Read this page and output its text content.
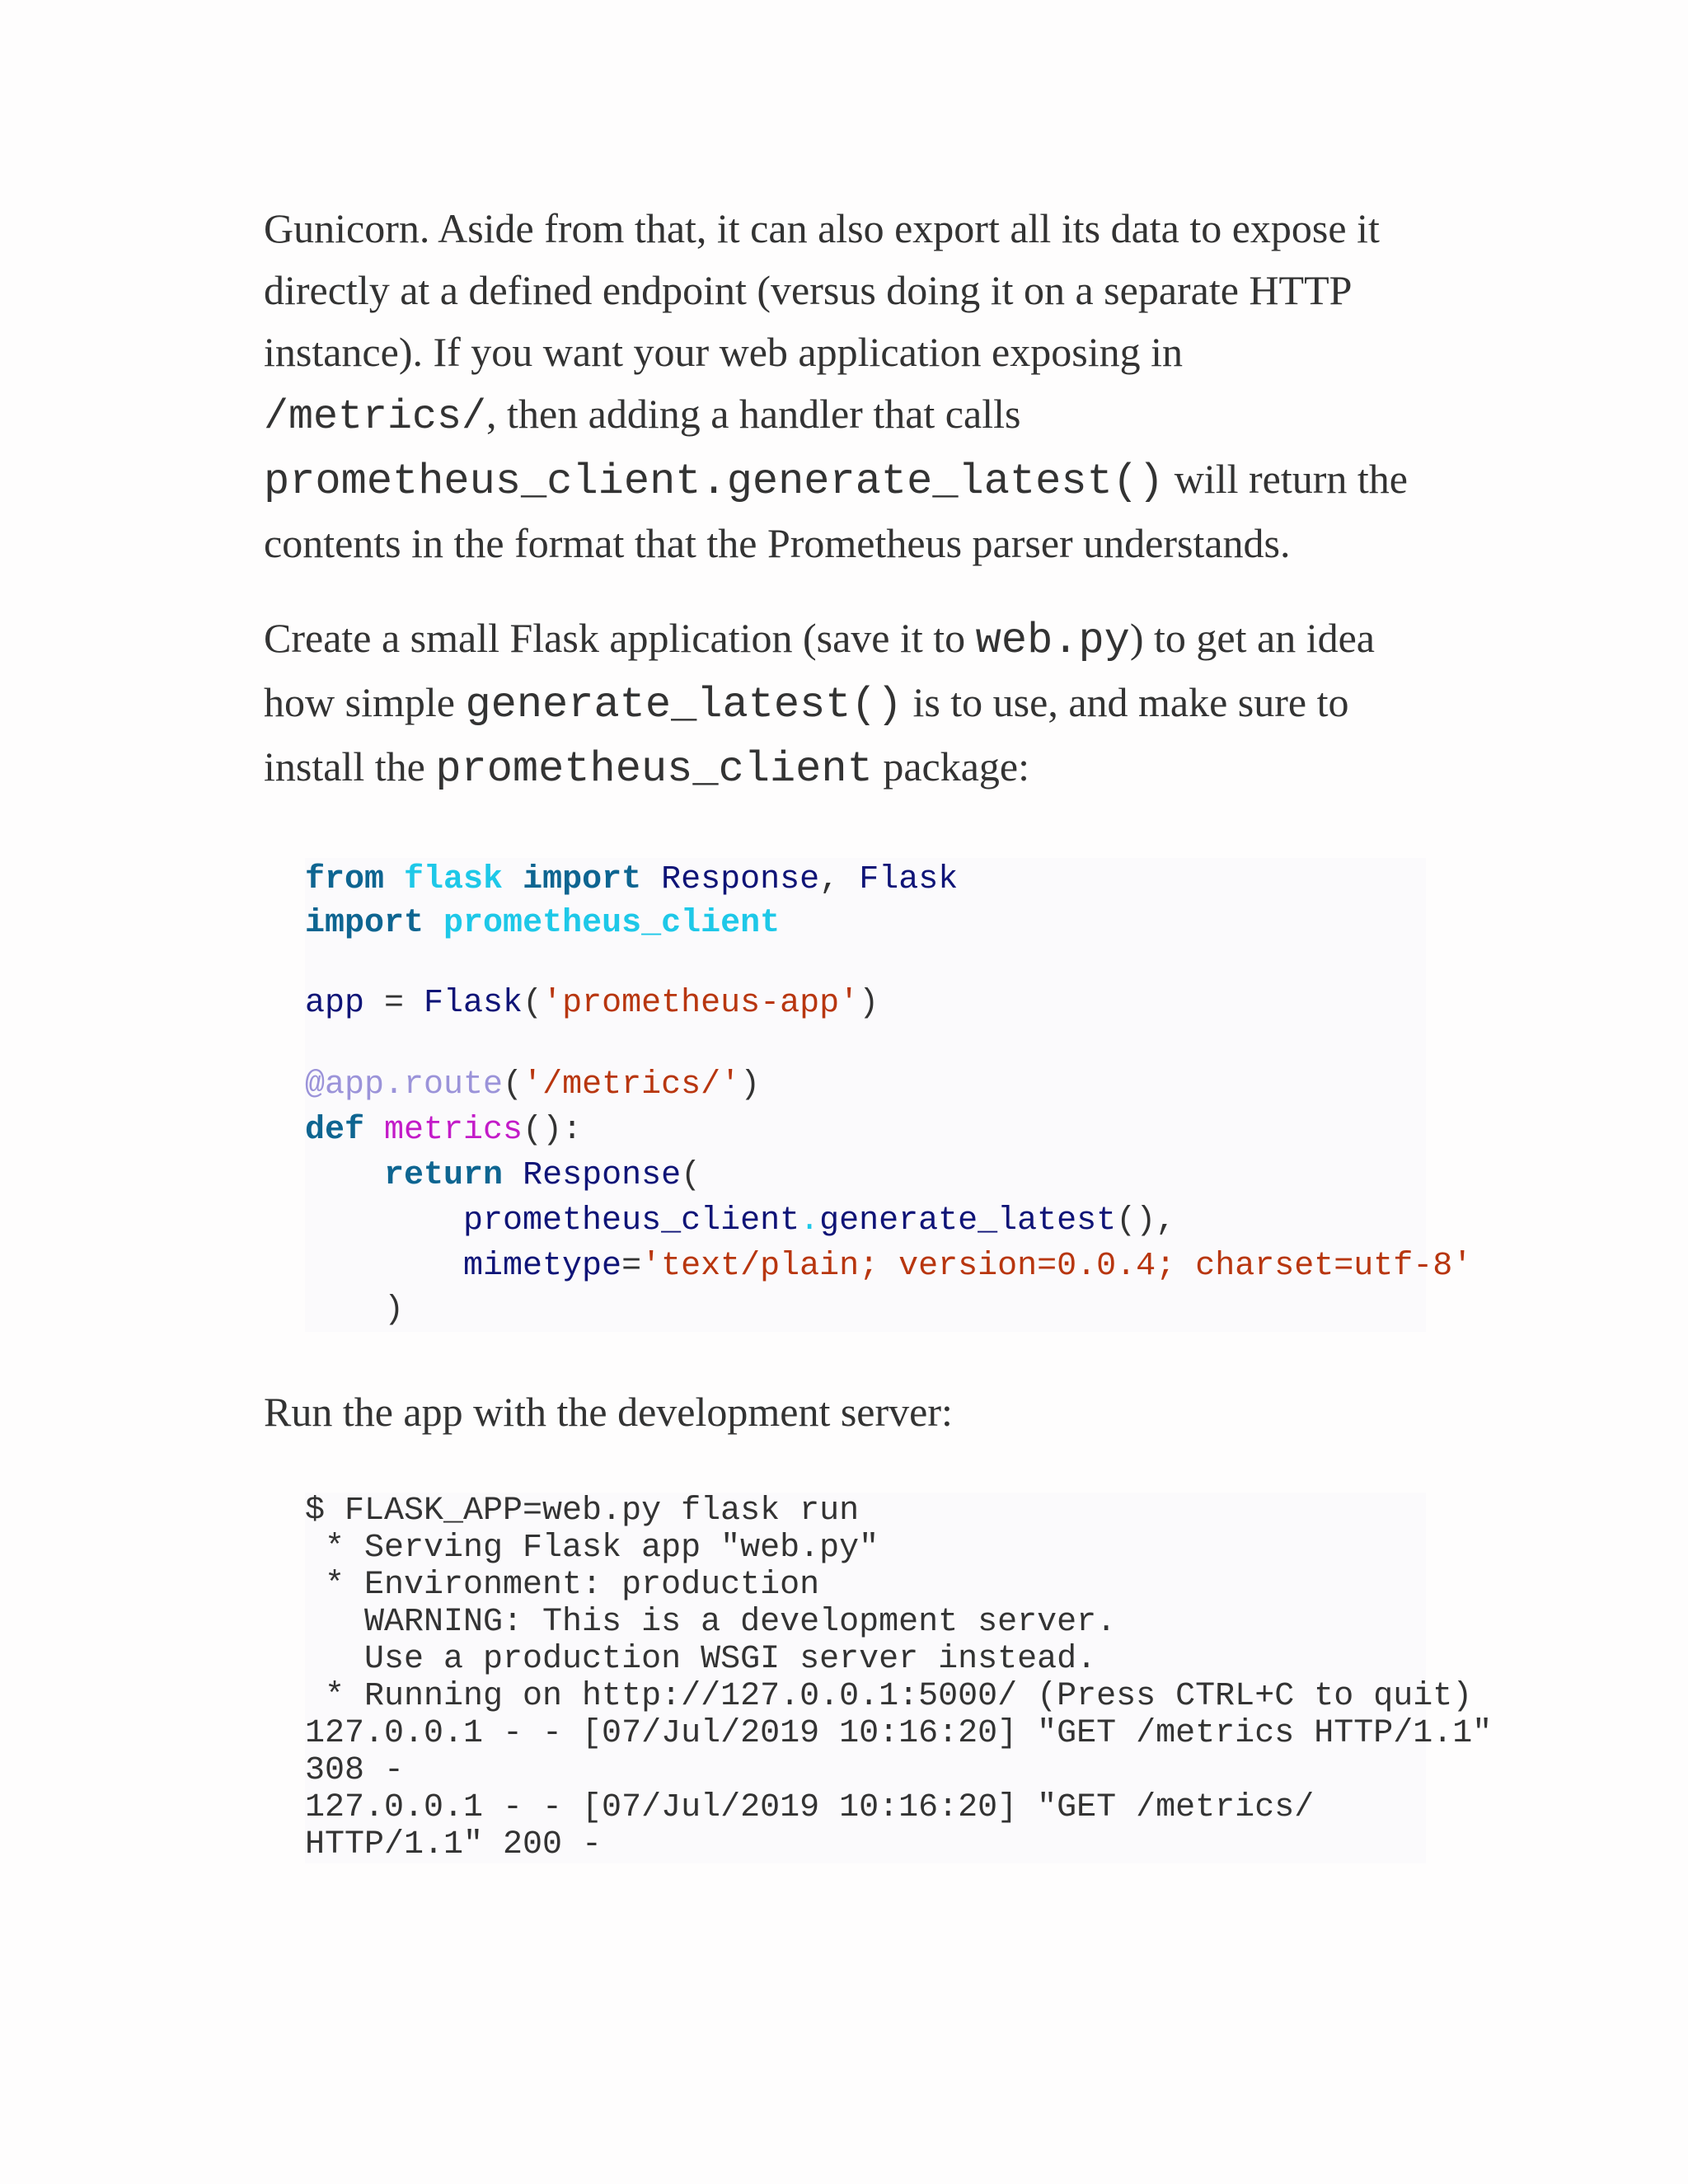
Gunicorn. Aside from that, it can also export all its data to expose it directly at a defined endpoint (versus doing it on a separate HTTP instance). If you want your web application exposing in /metrics/, then adding a handler that calls prometheus_client.generate_latest() will return the contents in the format that the Prometheus parser understands.

Create a small Flask application (save it to web.py) to get an idea how simple generate_latest() is to use, and make sure to install the prometheus_client package:

from flask import Response, Flask
import prometheus_client
app = Flask('prometheus-app')
@app.route('/metrics/')
def metrics():
return Response(
prometheus_client.generate_latest(),
mimetype='text/plain; version=0.0.4; charset=utf-8'
)

Run the app with the development server:

$ FLASK_APP=web.py flask run
* Serving Flask app "web.py"
* Environment: production
WARNING: This is a development server.
Use a production WSGI server instead.
* Running on http://127.0.0.1:5000/ (Press CTRL+C to quit)
127.0.0.1 - - [07/Jul/2019 10:16:20] "GET /metrics HTTP/1.1"
308 -
127.0.0.1 - - [07/Jul/2019 10:16:20] "GET /metrics/
HTTP/1.1" 200 -
